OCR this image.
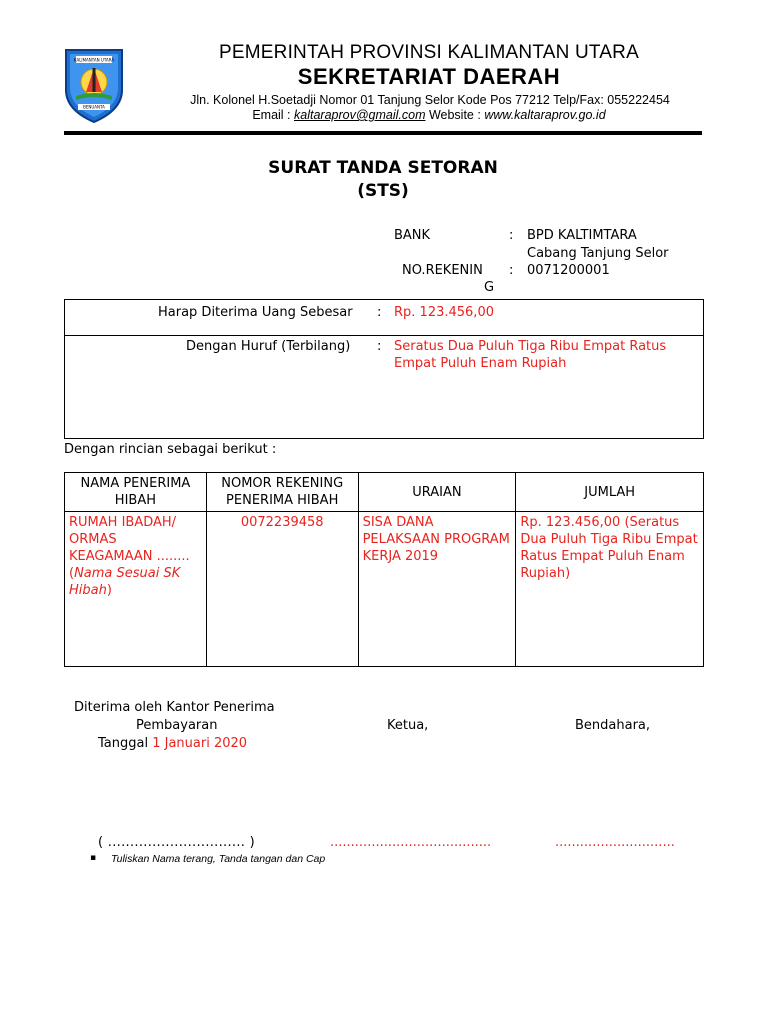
KALIMANTAN UTARA
BENUANTA
PEMERINTAH PROVINSI KALIMANTAN UTARA
SEKRETARIAT DAERAH
Jln. Kolonel H.Soetadji Nomor 01 Tanjung Selor Kode Pos 77212 Telp/Fax: 055222454
Email : kaltaraprov@gmail.com Website : www.kaltaraprov.go.id
SURAT TANDA SETORAN
(STS)
BANK	: BPD KALTIMTARA
Cabang Tanjung Selor
NO.REKENIN
G
: 0071200001
Harap Diterima Uang Sebesar : Rp. 123.456,00
Dengan Huruf (Terbilang) : Seratus Dua Puluh Tiga Ribu Empat Ratus
Empat Puluh Enam Rupiah
Dengan rincian sebagai berikut :
NAMA PENERIMA HIBAH	NOMOR REKENING PENERIMA HIBAH	URAIAN	JUMLAH
RUMAH IBADAH/ ORMAS KEAGAMAAN ........ (Nama Sesuai SK Hibah)	0072239458	SISA DANA PELAKSAAN PROGRAM KERJA 2019	Rp. 123.456,00 (Seratus Dua Puluh Tiga Ribu Empat Ratus Empat Puluh Enam Rupiah)
Diterima oleh Kantor Penerima
Pembayaran
Tanggal 1 Januari 2020
Ketua,	Bendahara,
( ............................... )	.......................................	.............................
▪ Tuliskan Nama terang, Tanda tangan dan Cap
